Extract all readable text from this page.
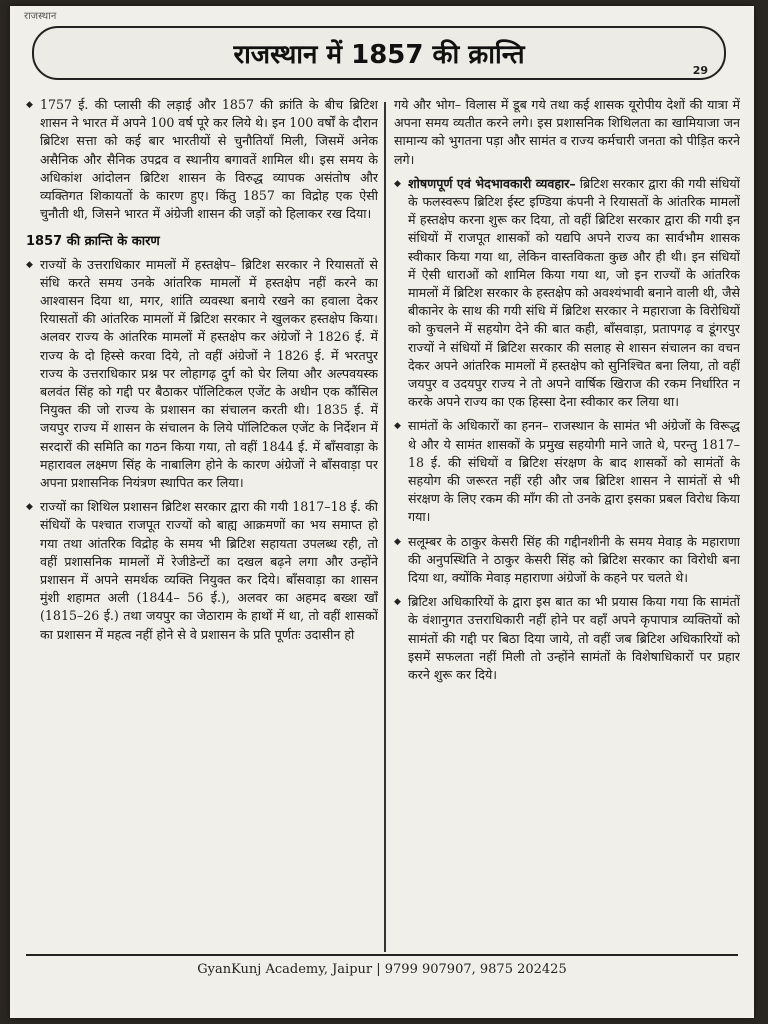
राजस्थान
राजस्थान में 1857 की क्रान्ति
29

◆ 1757 ई. की प्लासी की लड़ाई और 1857 की क्रांति के बीच ब्रिटिश शासन ने भारत में अपने 100 वर्ष पूरे कर लिये थे। इन 100 वर्षों के दौरान ब्रिटिश सत्ता को कई बार भारतीयों से चुनौतियाँ मिली, जिसमें अनेक असैनिक और सैनिक उपद्रव व स्थानीय बगावतें शामिल थी। इस समय के अधिकांश आंदोलन ब्रिटिश शासन के विरुद्ध व्यापक असंतोष और व्यक्तिगत शिकायतों के कारण हुए। किंतु 1857 का विद्रोह एक ऐसी चुनौती थी, जिसने भारत में अंग्रेजी शासन की जड़ों को हिलाकर रख दिया।

1857 की क्रान्ति के कारण

◆ राज्यों के उत्तराधिकार मामलों में हस्तक्षेप– ब्रिटिश सरकार ने रियासतों से संधि करते समय उनके आंतरिक मामलों में हस्तक्षेप नहीं करने का आश्वासन दिया था, मगर, शांति व्यवस्था बनाये रखने का हवाला देकर रियासतों की आंतरिक मामलों में ब्रिटिश सरकार ने खुलकर हस्तक्षेप किया। अलवर राज्य के आंतरिक मामलों में हस्तक्षेप कर अंग्रेजों ने 1826 ई. में राज्य के दो हिस्से करवा दिये, तो वहीं अंग्रेजों ने 1826 ई. में भरतपुर राज्य के उत्तराधिकार प्रश्न पर लोहागढ़ दुर्ग को घेर लिया और अल्पवयस्क बलवंत सिंह को गद्दी पर बैठाकर पॉलिटिकल एजेंट के अधीन एक कौंसिल नियुक्त की जो राज्य के प्रशासन का संचालन करती थी। 1835 ई. में जयपुर राज्य में शासन के संचालन के लिये पॉलिटिकल एजेंट के निर्देशन में सरदारों की समिति का गठन किया गया, तो वहीं 1844 ई. में बाँसवाड़ा के महारावल लक्ष्मण सिंह के नाबालिग होने के कारण अंग्रेजों ने बाँसवाड़ा पर अपना प्रशासनिक नियंत्रण स्थापित कर लिया।

◆ राज्यों का शिथिल प्रशासन ब्रिटिश सरकार द्वारा की गयी 1817–18 ई. की संधियों के पश्चात राजपूत राज्यों को बाह्य आक्रमणों का भय समाप्त हो गया तथा आंतरिक विद्रोह के समय भी ब्रिटिश सहायता उपलब्ध रही, तो वहीं प्रशासनिक मामलों में रेजीडेन्टों का दखल बढ़ने लगा और उन्होंने प्रशासन में अपने समर्थक व्यक्ति नियुक्त कर दिये। बाँसवाड़ा का शासन मुंशी शहामत अली (1844– 56 ई.), अलवर का अहमद बख्श खाँ (1815–26 ई.) तथा जयपुर का जेठाराम के हाथों में था, तो वहीं शासकों का प्रशासन में महत्व नहीं होने से वे प्रशासन के प्रति पूर्णतः उदासीन हो

गये और भोग– विलास में डूब गये तथा कई शासक यूरोपीय देशों की यात्रा में अपना समय व्यतीत करने लगे। इस प्रशासनिक शिथिलता का खामियाजा जन सामान्य को भुगतना पड़ा और सामंत व राज्य कर्मचारी जनता को पीड़ित करने लगे।

◆ शोषणपूर्ण एवं भेदभावकारी व्यवहार– ब्रिटिश सरकार द्वारा की गयी संधियों के फलस्वरूप ब्रिटिश ईस्ट इण्डिया कंपनी ने रियासतों के आंतरिक मामलों में हस्तक्षेप करना शुरू कर दिया, तो वहीं ब्रिटिश सरकार द्वारा की गयी इन संधियों में राजपूत शासकों को यद्यपि अपने राज्य का सार्वभौम शासक स्वीकार किया गया था, लेकिन वास्तविकता कुछ और ही थी। इन संधियों में ऐसी धाराओं को शामिल किया गया था, जो इन राज्यों के आंतरिक मामलों में ब्रिटिश सरकार के हस्तक्षेप को अवश्यंभावी बनाने वाली थी, जैसे बीकानेर के साथ की गयी संधि में ब्रिटिश सरकार ने महाराजा के विरोधियों को कुचलने में सहयोग देने की बात कही, बाँसवाड़ा, प्रतापगढ़ व डूंगरपुर राज्यों ने संधियों में ब्रिटिश सरकार की सलाह से शासन संचालन का वचन देकर अपने आंतरिक मामलों में हस्तक्षेप को सुनिश्चित बना लिया, तो वहीं जयपुर व उदयपुर राज्य ने तो अपने वार्षिक खिराज की रकम निर्धारित न करके अपने राज्य का एक हिस्सा देना स्वीकार कर लिया था।

◆ सामंतों के अधिकारों का हनन– राजस्थान के सामंत भी अंग्रेजों के विरूद्ध थे और ये सामंत शासकों के प्रमुख सहयोगी माने जाते थे, परन्तु 1817–18 ई. की संधियों व ब्रिटिश संरक्षण के बाद शासकों को सामंतों के सहयोग की जरूरत नहीं रही और जब ब्रिटिश शासन ने सामंतों से भी संरक्षण के लिए रकम की माँग की तो उनके द्वारा इसका प्रबल विरोध किया गया।

◆ सलूम्बर के ठाकुर केसरी सिंह की गद्दीनशीनी के समय मेवाड़ के महाराणा की अनुपस्थिति ने ठाकुर केसरी सिंह को ब्रिटिश सरकार का विरोधी बना दिया था, क्योंकि मेवाड़ महाराणा अंग्रेजों के कहने पर चलते थे।

◆ ब्रिटिश अधिकारियों के द्वारा इस बात का भी प्रयास किया गया कि सामंतों के वंशानुगत उत्तराधिकारी नहीं होने पर वहाँ अपने कृपापात्र व्यक्तियों को सामंतों की गद्दी पर बिठा दिया जाये, तो वहीं जब ब्रिटिश अधिकारियों को इसमें सफलता नहीं मिली तो उन्होंने सामंतों के विशेषाधिकारों पर प्रहार करने शुरू कर दिये।

GyanKunj Academy, Jaipur | 9799 907907, 9875 202425
